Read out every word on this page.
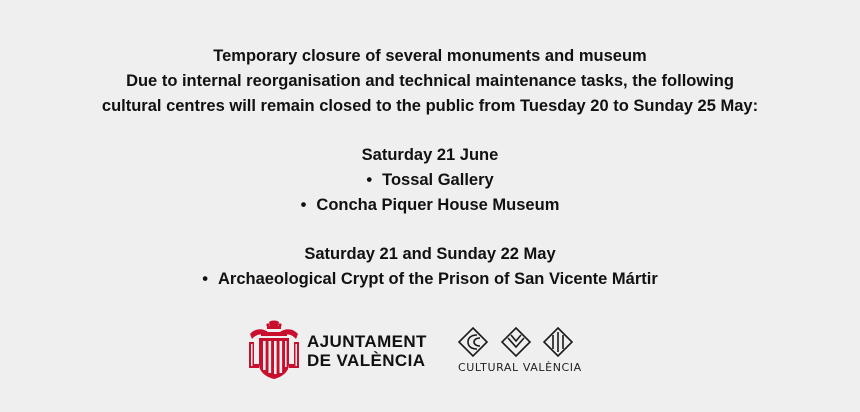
Temporary closure of several monuments and museum
Due to internal reorganisation and technical maintenance tasks, the following
cultural centres will remain closed to the public from Tuesday 20 to Sunday 25 May:
Saturday 21 June
• Tossal Gallery
• Concha Piquer House Museum
Saturday 21 and Sunday 22 May
• Archaeological Crypt of the Prison of San Vicente Mártir
AJUNTAMENT
DE VALÈNCIA	CULTURAL VALÈNCIA
